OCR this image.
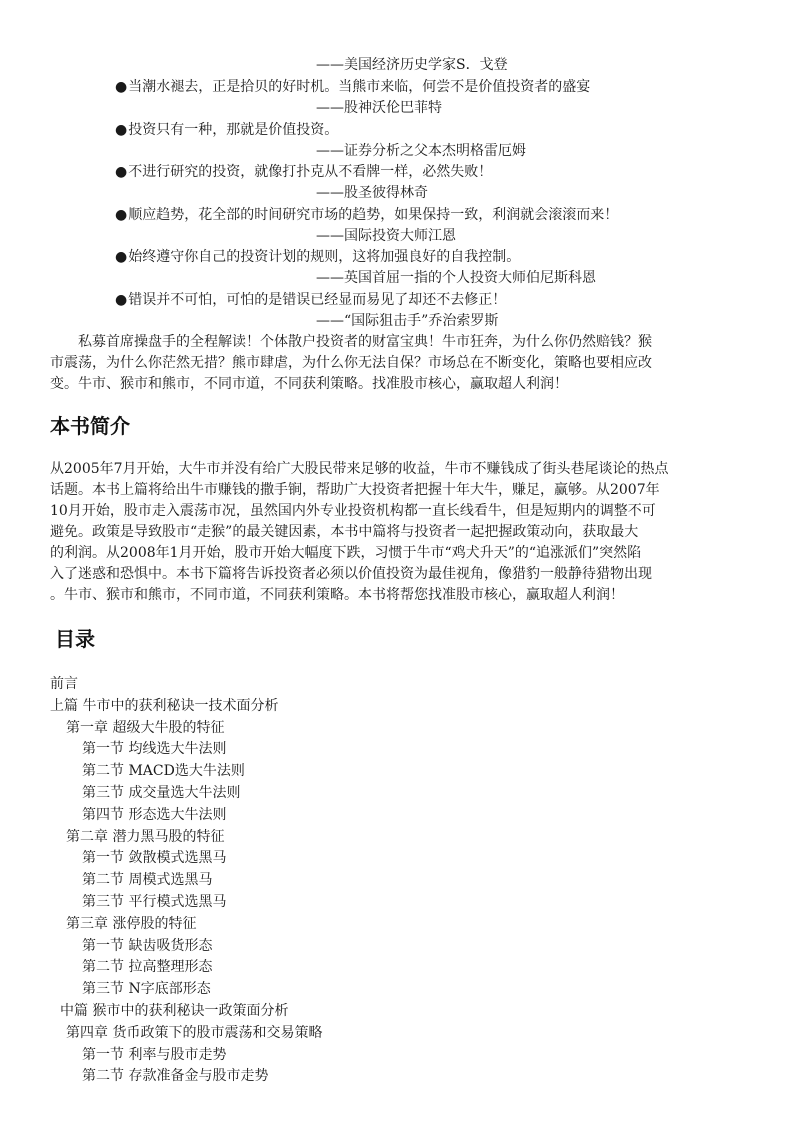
——美国经济历史学家S．戈登
●当潮水褪去，正是拾贝的好时机。当熊市来临，何尝不是价值投资者的盛宴
——股神沃伦巴菲特
●投资只有一种，那就是价值投资。
——证券分析之父本杰明格雷厄姆
●不进行研究的投资，就像打扑克从不看牌一样，必然失败！
——股圣彼得林奇
●顺应趋势，花全部的时间研究市场的趋势，如果保持一致，利润就会滚滚而来！
——国际投资大师江恩
●始终遵守你自己的投资计划的规则，这将加强良好的自我控制。
——英国首屈一指的个人投资大师伯尼斯科恩
●错误并不可怕，可怕的是错误已经显而易见了却还不去修正！
——“国际狙击手”乔治索罗斯
　　私募首席操盘手的全程解读！个体散户投资者的财富宝典！牛市狂奔，为什么你仍然赔钱？猴
市震荡，为什么你茫然无措？熊市肆虐，为什么你无法自保？市场总在不断变化，策略也要相应改
变。牛市、猴市和熊市，不同市道，不同获利策略。找准股市核心，赢取超人利润！
本书简介
从2005年7月开始，大牛市并没有给广大股民带来足够的收益，牛市不赚钱成了街头巷尾谈论的热点
话题。本书上篇将给出牛市赚钱的撒手锏，帮助广大投资者把握十年大牛，赚足，赢够。从2007年
10月开始，股市走入震荡市况，虽然国内外专业投资机构都一直长线看牛，但是短期内的调整不可
避免。政策是导致股市“走猴”的最关键因素，本书中篇将与投资者一起把握政策动向，获取最大
的利润。从2008年1月开始，股市开始大幅度下跌，习惯于牛市“鸡犬升天”的“追涨派们”突然陷
入了迷惑和恐惧中。本书下篇将告诉投资者必须以价值投资为最佳视角，像猎豹一般静待猎物出现
。牛市、猴市和熊市，不同市道，不同获利策略。本书将帮您找准股市核心，赢取超人利润！
目录
前言
上篇 牛市中的获利秘诀一技术面分析
第一章 超级大牛股的特征
第一节 均线选大牛法则
第二节 MACD选大牛法则
第三节 成交量选大牛法则
第四节 形态选大牛法则
第二章 潜力黑马股的特征
第一节 敛散模式选黑马
第二节 周模式选黑马
第三节 平行模式选黑马
第三章 涨停股的特征
第一节 缺齿吸货形态
第二节 拉高整理形态
第三节 N字底部形态
中篇 猴市中的获利秘诀一政策面分析
第四章 货币政策下的股市震荡和交易策略
第一节 利率与股市走势
第二节 存款准备金与股市走势
